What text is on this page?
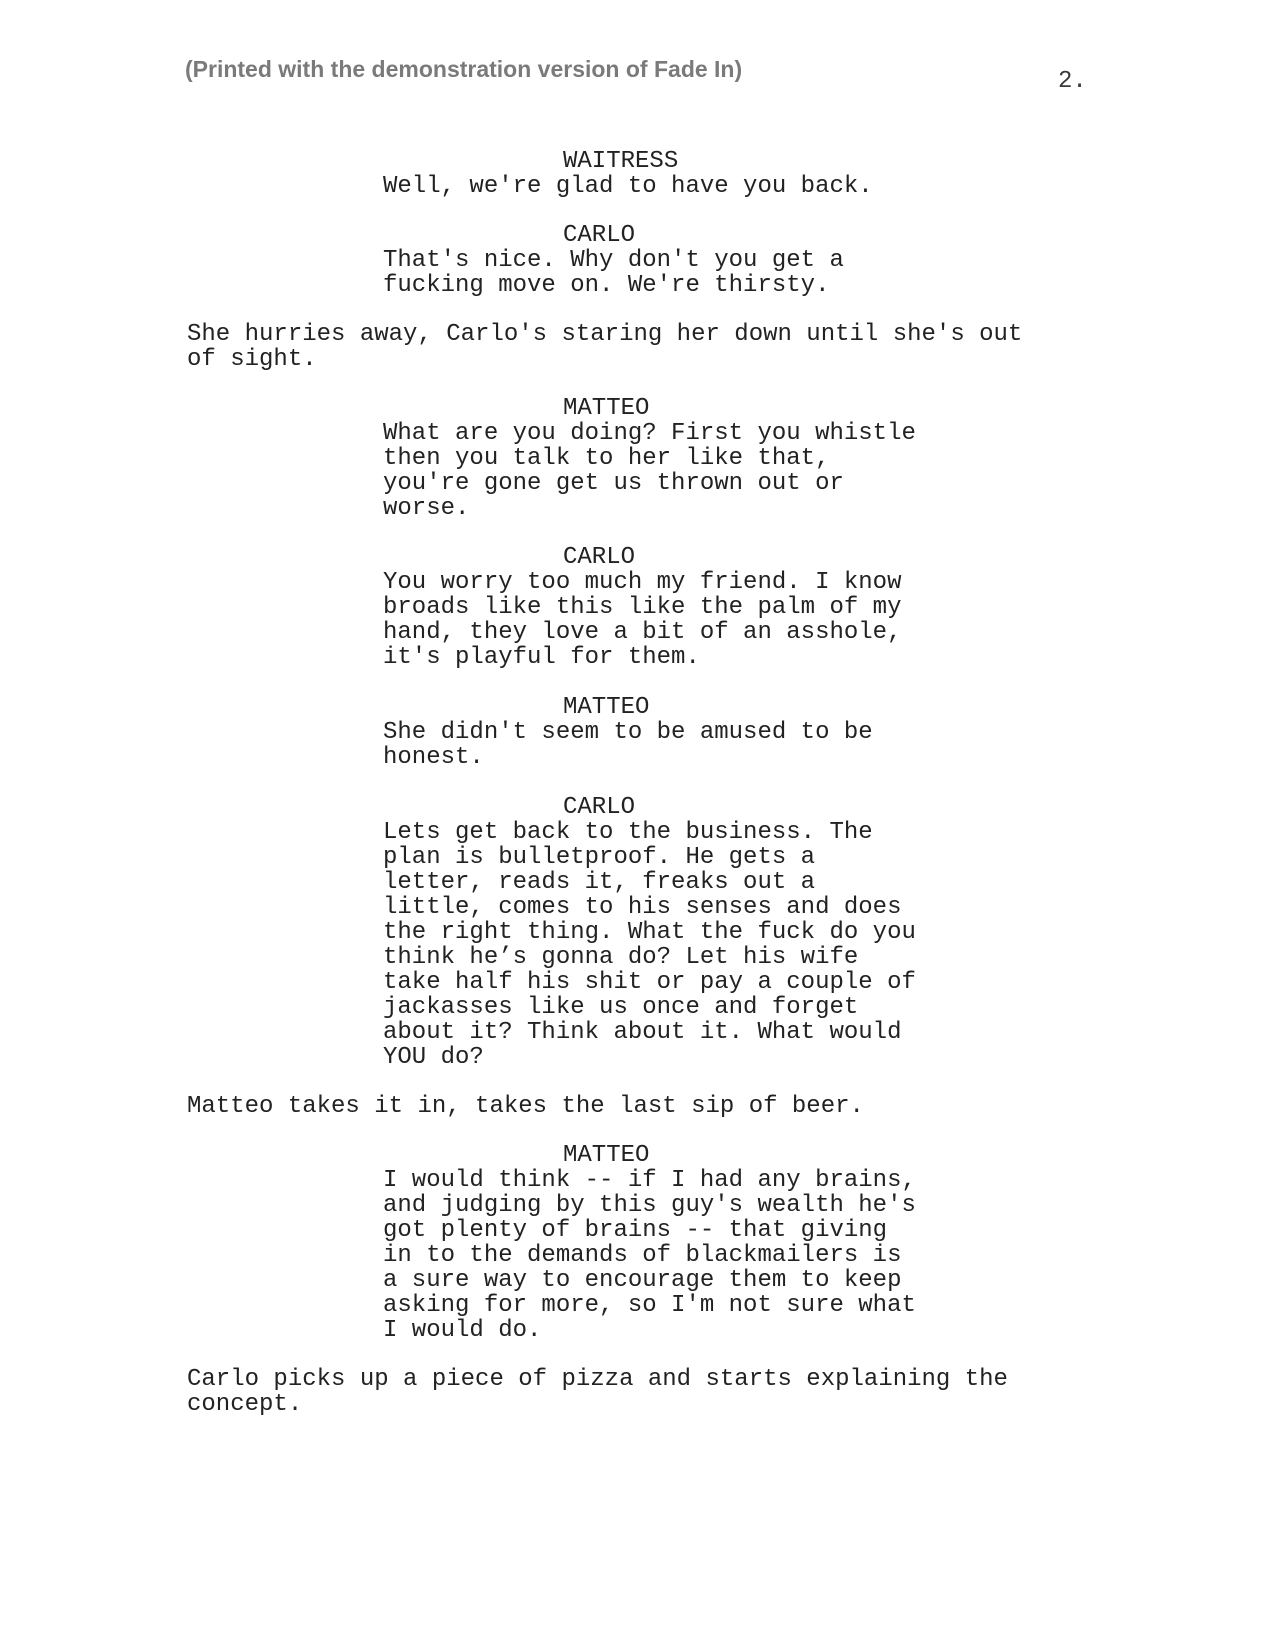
(Printed with the demonstration version of Fade In)	2.

WAITRESS

Well, we're glad to have you back.

CARLO

That's nice. Why don't you get a
fucking move on. We're thirsty.

She hurries away, Carlo's staring her down until she's out
of sight.

MATTEO

What are you doing? First you whistle
then you talk to her like that,
you're gone get us thrown out or
worse.

CARLO

You worry too much my friend. I know
broads like this like the palm of my
hand, they love a bit of an asshole,
it's playful for them.

MATTEO

She didn't seem to be amused to be
honest.

CARLO

Lets get back to the business. The
plan is bulletproof. He gets a
letter, reads it, freaks out a
little, comes to his senses and does
the right thing. What the fuck do you
think he’s gonna do? Let his wife
take half his shit or pay a couple of
jackasses like us once and forget
about it? Think about it. What would
YOU do?

Matteo takes it in, takes the last sip of beer.

MATTEO

I would think -- if I had any brains,
and judging by this guy's wealth he's
got plenty of brains -- that giving
in to the demands of blackmailers is
a sure way to encourage them to keep
asking for more, so I'm not sure what
I would do.

Carlo picks up a piece of pizza and starts explaining the
concept.
